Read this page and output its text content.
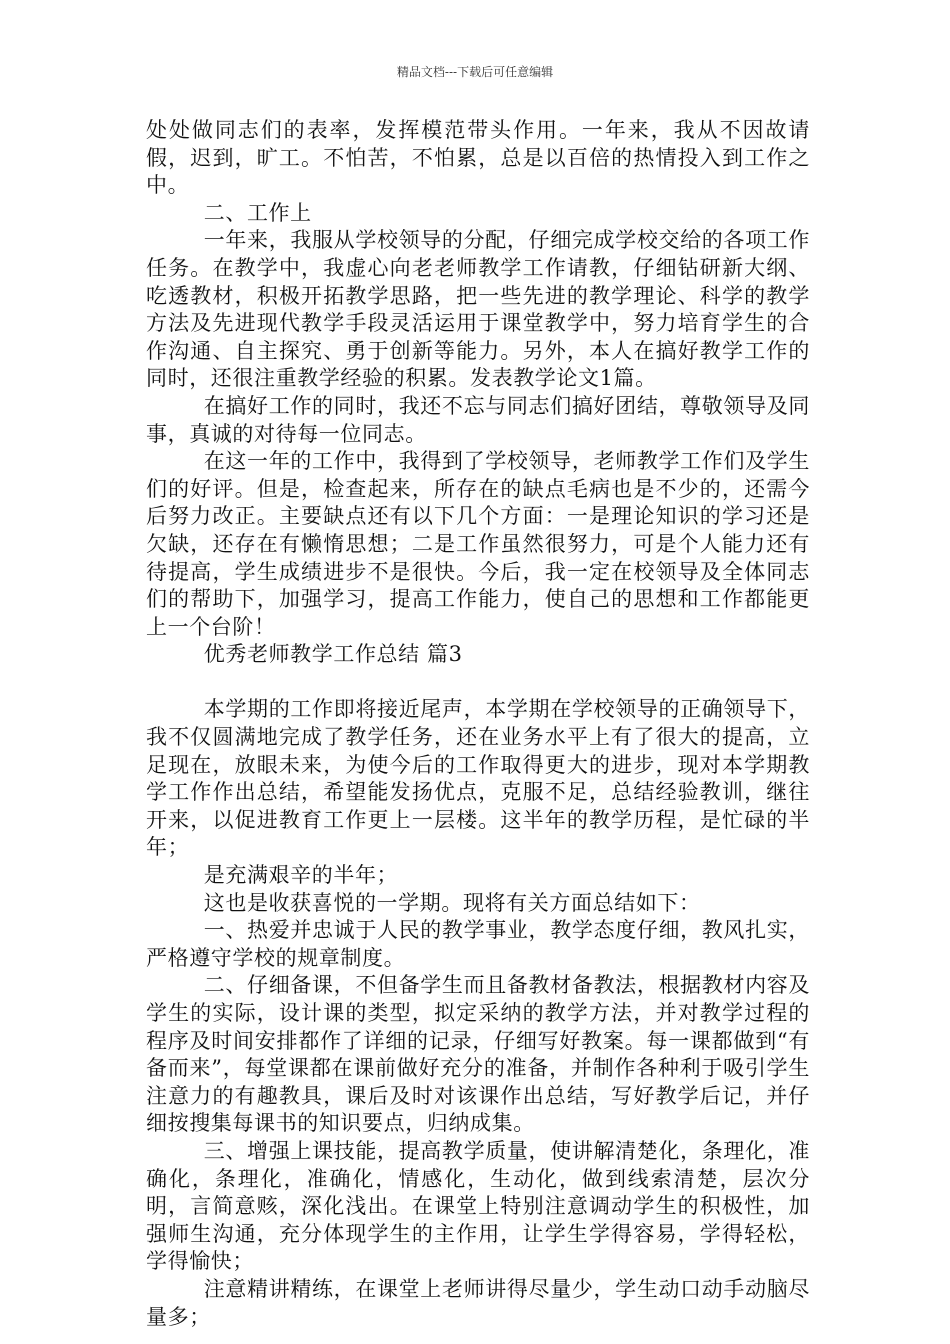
精品文档---下载后可任意编辑

处处做同志们的表率，发挥模范带头作用。一年来，我从不因故请假，迟到，旷工。不怕苦，不怕累，总是以百倍的热情投入到工作之中。

二、工作上

一年来，我服从学校领导的分配，仔细完成学校交给的各项工作任务。在教学中，我虚心向老老师教学工作请教，仔细钻研新大纲、吃透教材，积极开拓教学思路，把一些先进的教学理论、科学的教学方法及先进现代教学手段灵活运用于课堂教学中，努力培育学生的合作沟通、自主探究、勇于创新等能力。另外，本人在搞好教学工作的同时，还很注重教学经验的积累。发表教学论文1篇。

在搞好工作的同时，我还不忘与同志们搞好团结，尊敬领导及同事，真诚的对待每一位同志。

在这一年的工作中，我得到了学校领导，老师教学工作们及学生们的好评。但是，检查起来，所存在的缺点毛病也是不少的，还需今后努力改正。主要缺点还有以下几个方面：一是理论知识的学习还是欠缺，还存在有懒惰思想；二是工作虽然很努力，可是个人能力还有待提高，学生成绩进步不是很快。今后，我一定在校领导及全体同志们的帮助下，加强学习，提高工作能力，使自己的思想和工作都能更上一个台阶！

优秀老师教学工作总结 篇3

本学期的工作即将接近尾声，本学期在学校领导的正确领导下，我不仅圆满地完成了教学任务，还在业务水平上有了很大的提高，立足现在，放眼未来，为使今后的工作取得更大的进步，现对本学期教学工作作出总结，希望能发扬优点，克服不足，总结经验教训，继往开来，以促进教育工作更上一层楼。这半年的教学历程，是忙碌的半年；

是充满艰辛的半年；

这也是收获喜悦的一学期。现将有关方面总结如下：

一、热爱并忠诚于人民的教学事业，教学态度仔细，教风扎实，严格遵守学校的规章制度。

二、仔细备课，不但备学生而且备教材备教法，根据教材内容及学生的实际，设计课的类型，拟定采纳的教学方法，并对教学过程的程序及时间安排都作了详细的记录，仔细写好教案。每一课都做到“有备而来”，每堂课都在课前做好充分的准备，并制作各种利于吸引学生注意力的有趣教具，课后及时对该课作出总结，写好教学后记，并仔细按搜集每课书的知识要点，归纳成集。

三、增强上课技能，提高教学质量，使讲解清楚化，条理化，准确化，条理化，准确化，情感化，生动化，做到线索清楚，层次分明，言简意赅，深化浅出。在课堂上特别注意调动学生的积极性，加强师生沟通，充分体现学生的主作用，让学生学得容易，学得轻松，学得愉快；

注意精讲精练，在课堂上老师讲得尽量少，学生动口动手动脑尽量多；
